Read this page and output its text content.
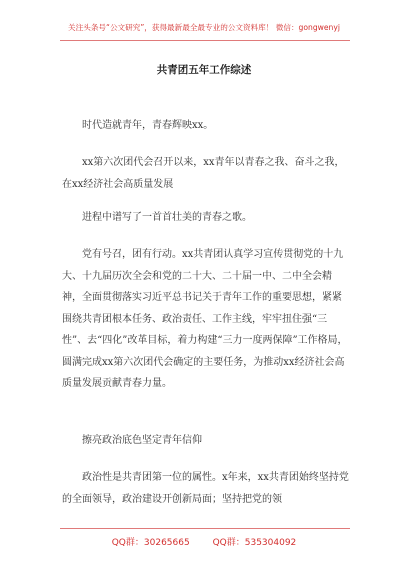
关注头条号“公文研究”，获得最新最全最专业的公文资料库！ 微信：gongwenyj
共青团五年工作综述
时代造就青年，青春辉映xx。
xx第六次团代会召开以来，xx青年以青春之我、奋斗之我，在xx经济社会高质量发展
进程中谱写了一首首壮美的青春之歌。
党有号召，团有行动。xx共青团认真学习宣传贯彻党的十九大、十九届历次全会和党的二十大、二十届一中、二中全会精神，全面贯彻落实习近平总书记关于青年工作的重要思想，紧紧围绕共青团根本任务、政治责任、工作主线，牢牢扭住强“三性”、去“四化”改革目标，着力构建“三力一度两保障”工作格局，圆满完成xx第六次团代会确定的主要任务，为推动xx经济社会高质量发展贡献青春力量。
擦亮政治底色坚定青年信仰
政治性是共青团第一位的属性。x年来，xx共青团始终坚持党的全面领导，政治建设开创新局面；坚持把党的领
QQ群：30265665	QQ群：535304092
